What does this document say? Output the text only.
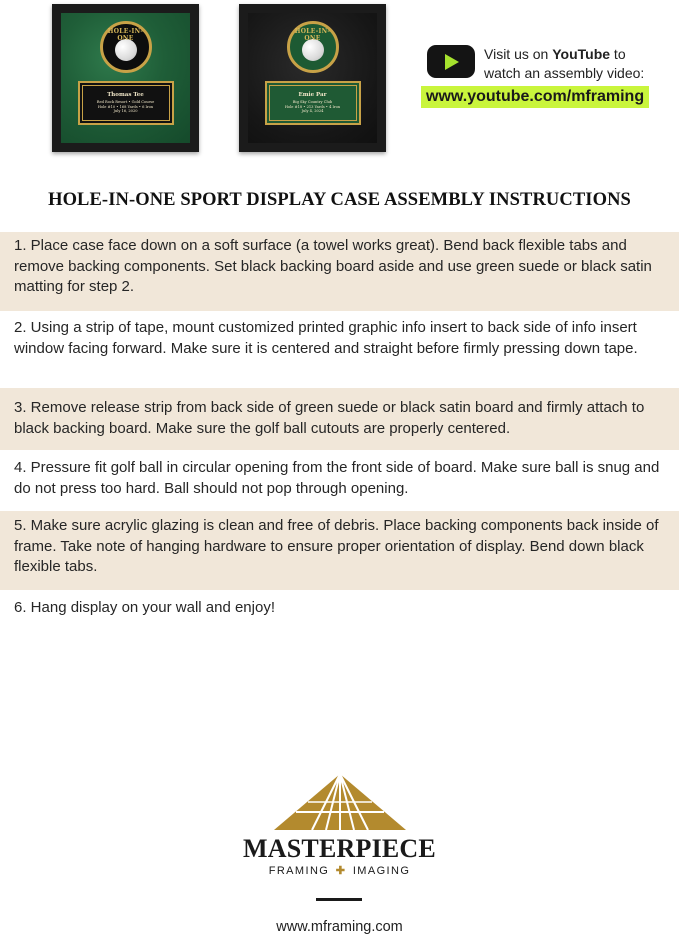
HOLE-IN-ONE
Thomas Tee
Red Rock Resort • Gold Course
Hole #10 • 168 Yards • 6 Iron
July 16, 2020
HOLE-IN-ONE
Emie Par
Big Sky Country Club
Hole #18 • 213 Yards • 4 Iron
July 4, 2024
Visit us on YouTube to
watch an assembly video:
www.youtube.com/mframing
HOLE-IN-ONE SPORT DISPLAY CASE ASSEMBLY INSTRUCTIONS
1. Place case face down on a soft surface (a towel works great). Bend back flexible tabs and remove backing components. Set black backing board aside and use green suede or black satin matting for step 2.
2. Using a strip of tape, mount customized printed graphic info insert to back side of info insert window facing forward. Make sure it is centered and straight before firmly pressing down tape.
3. Remove release strip from back side of green suede or black satin board and firmly attach to black backing board. Make sure the golf ball cutouts are properly centered.
4. Pressure fit golf ball in circular opening from the front side of board. Make sure ball is snug and do not press too hard. Ball should not pop through opening.
5. Make sure acrylic glazing is clean and free of debris. Place backing components back inside of frame. Take note of hanging hardware to ensure proper orientation of display. Bend down black flexible tabs.
6. Hang display on your wall and enjoy!
MASTERPIECE
FRAMING ✚ IMAGING
www.mframing.com
